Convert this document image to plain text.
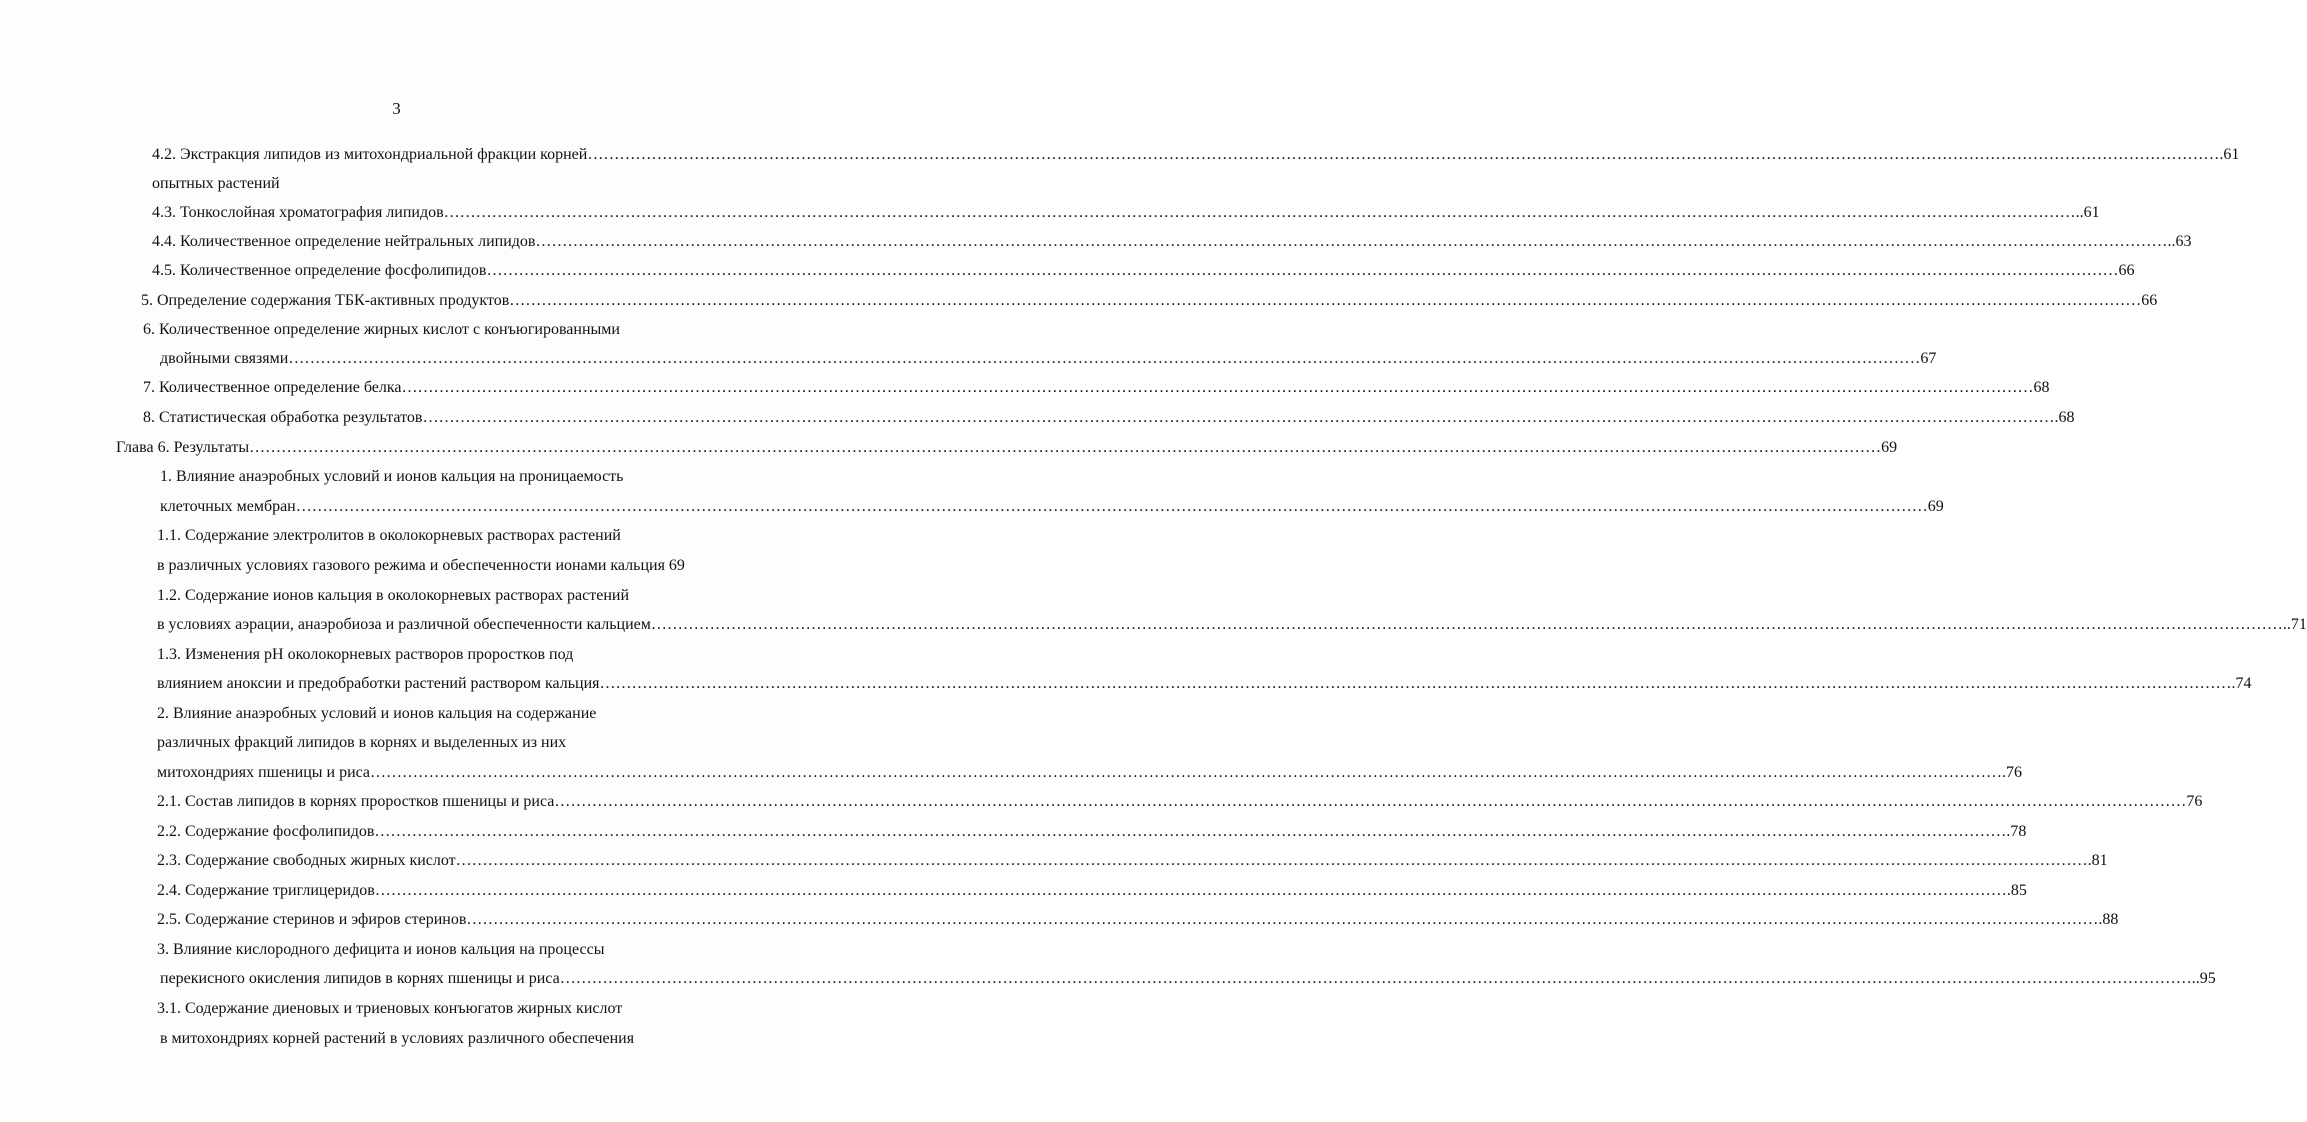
3
4.2. Экстракция липидов из митохондриальной фракции корней ……………………………………………………………………………………………………………………………………………………………………………………………………………………………………………………………………………… .61
опытных растений
4.3. Тонкослойная хроматография липидов ……………………………………………………………………………………………………………………………………………………………………………………………………………………………………………………………………………… ..61
4.4. Количественное определение нейтральных липидов ……………………………………………………………………………………………………………………………………………………………………………………………………………………………………………………………………………… ..63
4.5. Количественное определение фосфолипидов ……………………………………………………………………………………………………………………………………………………………………………………………………………………………………………………………………………… 66
5. Определение содержания ТБК-активных продуктов ……………………………………………………………………………………………………………………………………………………………………………………………………………………………………………………………………………… 66
6. Количественное определение жирных кислот с конъюгированными
двойными связями ……………………………………………………………………………………………………………………………………………………………………………………………………………………………………………………………………………… 67
7. Количественное определение белка ……………………………………………………………………………………………………………………………………………………………………………………………………………………………………………………………………………… 68
8. Статистическая обработка результатов ……………………………………………………………………………………………………………………………………………………………………………………………………………………………………………………………………………… .68
Глава 6. Результаты ……………………………………………………………………………………………………………………………………………………………………………………………………………………………………………………………………………… 69
1. Влияние анаэробных условий и ионов кальция на проницаемость
клеточных мембран ……………………………………………………………………………………………………………………………………………………………………………………………………………………………………………………………………………… 69
1.1. Содержание электролитов в околокорневых растворах растений
в различных условиях газового режима и обеспеченности ионами кальция 69
1.2. Содержание ионов кальция в околокорневых растворах растений
в условиях аэрации, анаэробиоза и различной обеспеченности кальцием ……………………………………………………………………………………………………………………………………………………………………………………………………………………………………………………………………………… ..71
1.3. Изменения pH околокорневых растворов проростков под
влиянием аноксии и предобработки растений раствором кальция ……………………………………………………………………………………………………………………………………………………………………………………………………………………………………………………………………………… .74
2. Влияние анаэробных условий и ионов кальция на содержание
различных фракций липидов в корнях и выделенных из них
митохондриях пшеницы и риса ……………………………………………………………………………………………………………………………………………………………………………………………………………………………………………………………………………… .76
2.1. Состав липидов в корнях проростков пшеницы и риса ……………………………………………………………………………………………………………………………………………………………………………………………………………………………………………………………………………… 76
2.2. Содержание фосфолипидов ……………………………………………………………………………………………………………………………………………………………………………………………………………………………………………………………………………… .78
2.3. Содержание свободных жирных кислот ……………………………………………………………………………………………………………………………………………………………………………………………………………………………………………………………………………… .81
2.4. Содержание триглицеридов ……………………………………………………………………………………………………………………………………………………………………………………………………………………………………………………………………………… .85
2.5. Содержание стеринов и эфиров стеринов ……………………………………………………………………………………………………………………………………………………………………………………………………………………………………………………………………………… .88
3. Влияние кислородного дефицита и ионов кальция на процессы
перекисного окисления липидов в корнях пшеницы и риса ……………………………………………………………………………………………………………………………………………………………………………………………………………………………………………………………………………… ..95
3.1. Содержание диеновых и триеновых конъюгатов жирных кислот
в митохондриях корней растений в условиях различного обеспечения
